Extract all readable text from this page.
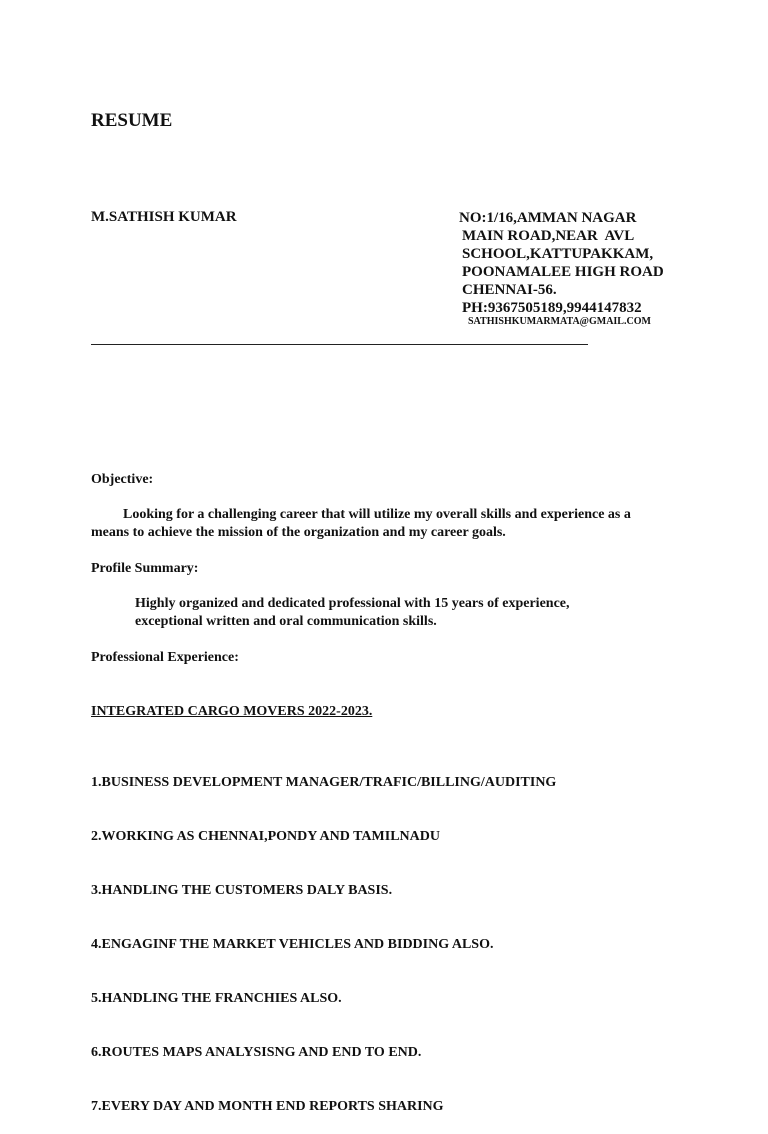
RESUME
M.SATHISH KUMAR	NO:1/16,AMMAN NAGAR
MAIN ROAD,NEAR  AVL
SCHOOL,KATTUPAKKAM,
POONAMALEE HIGH ROAD
CHENNAI-56.
PH:9367505189,9944147832
SATHISHKUMARMATA@GMAIL.COM
Objective:
Looking for a challenging career that will utilize my overall skills and experience as a
means to achieve the mission of the organization and my career goals.
Profile Summary:
Highly organized and dedicated professional with 15 years of experience,
exceptional written and oral communication skills.
Professional Experience:
INTEGRATED CARGO MOVERS 2022-2023.

1.BUSINESS DEVELOPMENT MANAGER/TRAFIC/BILLING/AUDITING

2.WORKING AS CHENNAI,PONDY AND TAMILNADU

3.HANDLING THE CUSTOMERS DALY BASIS.

4.ENGAGINF THE MARKET VEHICLES AND BIDDING ALSO.

5.HANDLING THE FRANCHIES ALSO.

6.ROUTES MAPS ANALYSISNG AND END TO END.

7.EVERY DAY AND MONTH END REPORTS SHARING
